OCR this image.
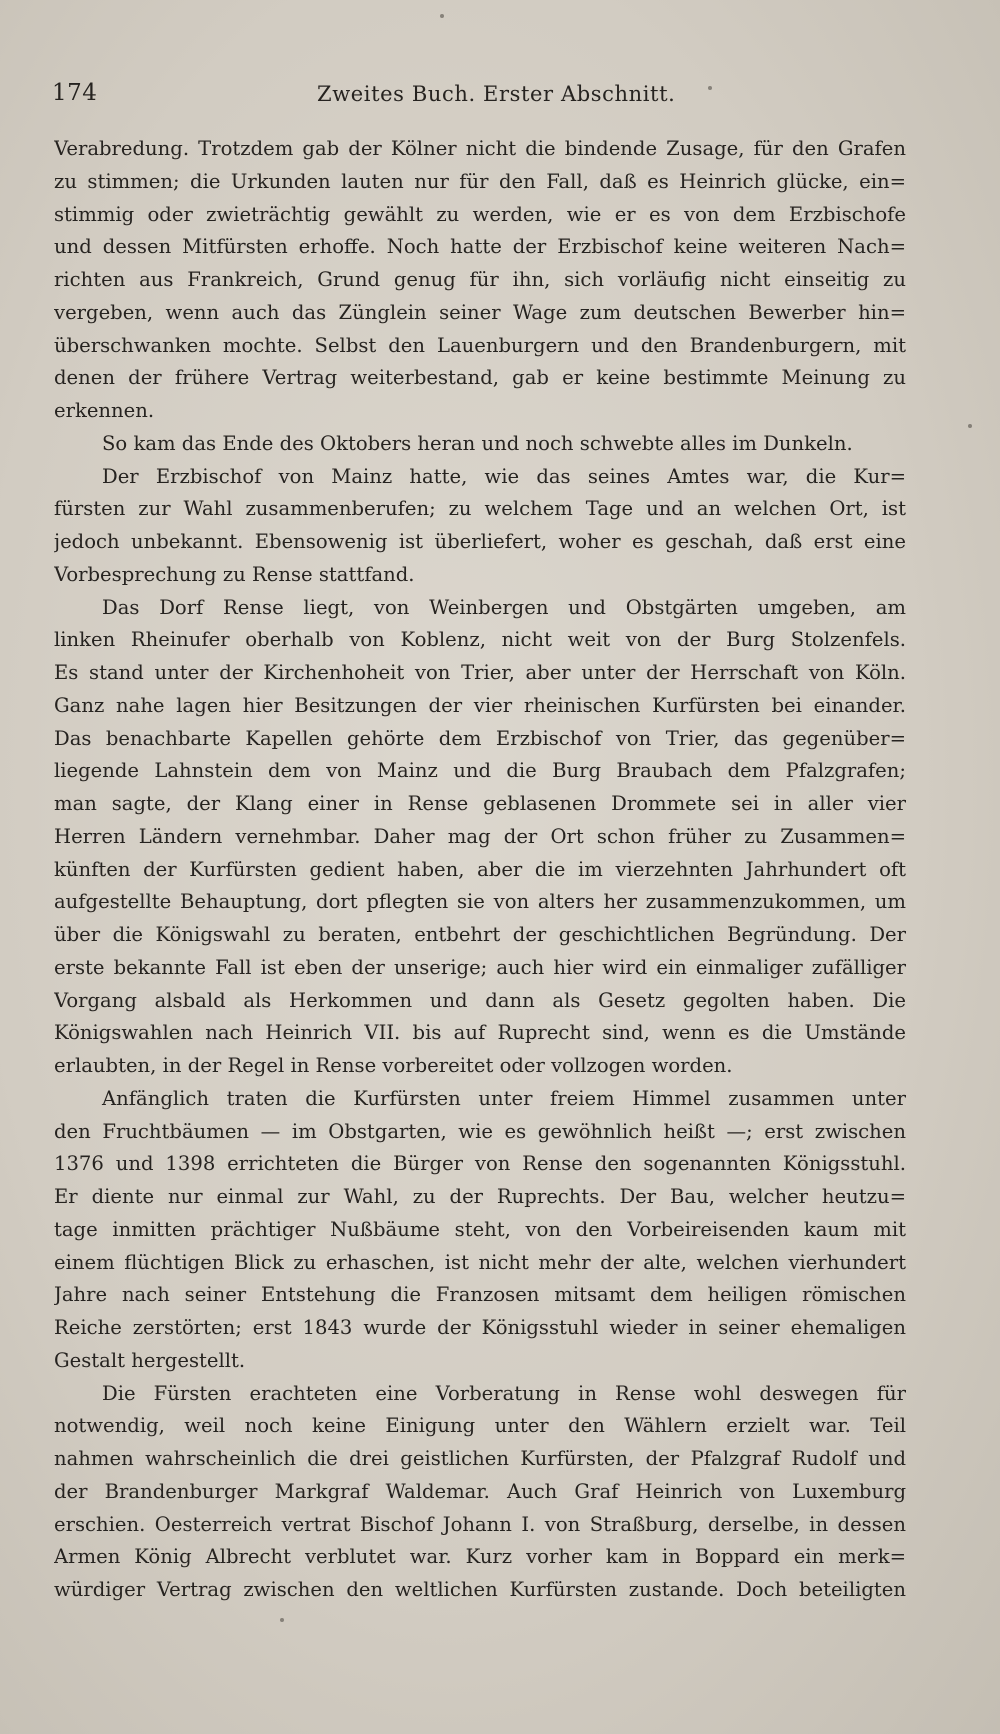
174	Zweites Buch. Erster Abschnitt.
Verabredung. Trotzdem gab der Kölner nicht die bindende Zusage, für den Grafen
zu stimmen; die Urkunden lauten nur für den Fall, daß es Heinrich glücke, ein=
stimmig oder zwieträchtig gewählt zu werden, wie er es von dem Erzbischofe
und dessen Mitfürsten erhoffe. Noch hatte der Erzbischof keine weiteren Nach=
richten aus Frankreich, Grund genug für ihn, sich vorläufig nicht einseitig zu
vergeben, wenn auch das Zünglein seiner Wage zum deutschen Bewerber hin=
überschwanken mochte. Selbst den Lauenburgern und den Brandenburgern, mit
denen der frühere Vertrag weiterbestand, gab er keine bestimmte Meinung zu
erkennen.
So kam das Ende des Oktobers heran und noch schwebte alles im Dunkeln.
Der Erzbischof von Mainz hatte, wie das seines Amtes war, die Kur=
fürsten zur Wahl zusammenberufen; zu welchem Tage und an welchen Ort, ist
jedoch unbekannt. Ebensowenig ist überliefert, woher es geschah, daß erst eine
Vorbesprechung zu Rense stattfand.
Das Dorf Rense liegt, von Weinbergen und Obstgärten umgeben, am
linken Rheinufer oberhalb von Koblenz, nicht weit von der Burg Stolzenfels.
Es stand unter der Kirchenhoheit von Trier, aber unter der Herrschaft von Köln.
Ganz nahe lagen hier Besitzungen der vier rheinischen Kurfürsten bei einander.
Das benachbarte Kapellen gehörte dem Erzbischof von Trier, das gegenüber=
liegende Lahnstein dem von Mainz und die Burg Braubach dem Pfalzgrafen;
man sagte, der Klang einer in Rense geblasenen Drommete sei in aller vier
Herren Ländern vernehmbar. Daher mag der Ort schon früher zu Zusammen=
künften der Kurfürsten gedient haben, aber die im vierzehnten Jahrhundert oft
aufgestellte Behauptung, dort pflegten sie von alters her zusammenzukommen, um
über die Königswahl zu beraten, entbehrt der geschichtlichen Begründung. Der
erste bekannte Fall ist eben der unserige; auch hier wird ein einmaliger zufälliger
Vorgang alsbald als Herkommen und dann als Gesetz gegolten haben. Die
Königswahlen nach Heinrich VII. bis auf Ruprecht sind, wenn es die Umstände
erlaubten, in der Regel in Rense vorbereitet oder vollzogen worden.
Anfänglich traten die Kurfürsten unter freiem Himmel zusammen unter
den Fruchtbäumen — im Obstgarten, wie es gewöhnlich heißt —; erst zwischen
1376 und 1398 errichteten die Bürger von Rense den sogenannten Königsstuhl.
Er diente nur einmal zur Wahl, zu der Ruprechts. Der Bau, welcher heutzu=
tage inmitten prächtiger Nußbäume steht, von den Vorbeireisenden kaum mit
einem flüchtigen Blick zu erhaschen, ist nicht mehr der alte, welchen vierhundert
Jahre nach seiner Entstehung die Franzosen mitsamt dem heiligen römischen
Reiche zerstörten; erst 1843 wurde der Königsstuhl wieder in seiner ehemaligen
Gestalt hergestellt.
Die Fürsten erachteten eine Vorberatung in Rense wohl deswegen für
notwendig, weil noch keine Einigung unter den Wählern erzielt war. Teil
nahmen wahrscheinlich die drei geistlichen Kurfürsten, der Pfalzgraf Rudolf und
der Brandenburger Markgraf Waldemar. Auch Graf Heinrich von Luxemburg
erschien. Oesterreich vertrat Bischof Johann I. von Straßburg, derselbe, in dessen
Armen König Albrecht verblutet war. Kurz vorher kam in Boppard ein merk=
würdiger Vertrag zwischen den weltlichen Kurfürsten zustande. Doch beteiligten
